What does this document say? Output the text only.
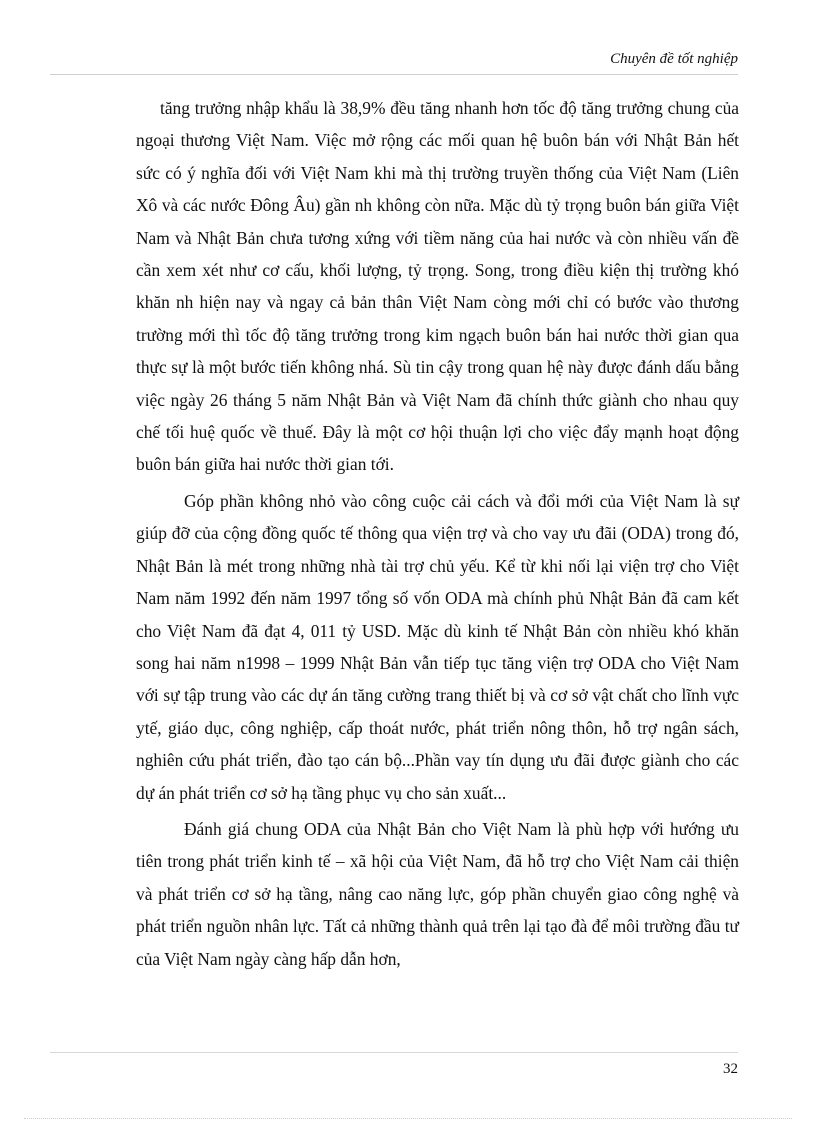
Chuyên đề tốt nghiệp

tăng trưởng nhập khẩu là 38,9% đều tăng nhanh hơn tốc độ tăng trưởng chung của ngoại thương Việt Nam. Việc mở rộng các mối quan hệ buôn bán với Nhật Bản hết sức có ý nghĩa đối với Việt Nam khi mà thị trường truyền thống của Việt Nam (Liên Xô và các nước Đông Âu) gần nh không còn nữa. Mặc dù tỷ trọng buôn bán giữa Việt Nam và Nhật Bản chưa tương xứng với tiềm năng của hai nước và còn nhiều vấn đề cần xem xét như cơ cấu, khối lượng, tỷ trọng. Song, trong điều kiện thị trường khó khăn nh hiện nay và ngay cả bản thân Việt Nam còng mới chỉ có bước vào thương trường mới thì tốc độ tăng trưởng trong kim ngạch buôn bán hai nước thời gian qua thực sự là một bước tiến không nhá. Sù tin cậy trong quan hệ này được đánh dấu bằng việc ngày 26 tháng 5 năm Nhật Bản và Việt Nam đã chính thức giành cho nhau quy chế tối huệ quốc về thuế. Đây là một cơ hội thuận lợi cho việc đẩy mạnh hoạt động buôn bán giữa hai nước thời gian tới.

Góp phần không nhỏ vào công cuộc cải cách và đổi mới của Việt Nam là sự giúp đỡ của cộng đồng quốc tế thông qua viện trợ và cho vay ưu đãi (ODA) trong đó, Nhật Bản là mét trong những nhà tài trợ chủ yếu. Kể từ khi nối lại viện trợ cho Việt Nam năm 1992 đến năm 1997 tổng số vốn ODA mà chính phủ Nhật Bản đã cam kết cho Việt Nam đã đạt 4, 011 tỷ USD. Mặc dù kinh tế Nhật Bản còn nhiều khó khăn song hai năm n1998 – 1999 Nhật Bản vẫn tiếp tục tăng viện trợ ODA cho Việt Nam với sự tập trung vào các dự án tăng cường trang thiết bị và cơ sở vật chất cho lĩnh vực ytế, giáo dục, công nghiệp, cấp thoát nước, phát triển nông thôn, hỗ trợ ngân sách, nghiên cứu phát triển, đào tạo cán bộ...Phần vay tín dụng ưu đãi được giành cho các dự án phát triển cơ sở hạ tầng phục vụ cho sản xuất...

Đánh giá chung ODA của Nhật Bản cho Việt Nam là phù hợp với hướng ưu tiên trong phát triển kinh tế – xã hội của Việt Nam, đã hỗ trợ cho Việt Nam cải thiện và phát triển cơ sở hạ tầng, nâng cao năng lực, góp phần chuyển giao công nghệ và phát triển nguồn nhân lực. Tất cả những thành quả trên lại tạo đà để môi trường đầu tư của Việt Nam ngày càng hấp dẫn hơn,

32
